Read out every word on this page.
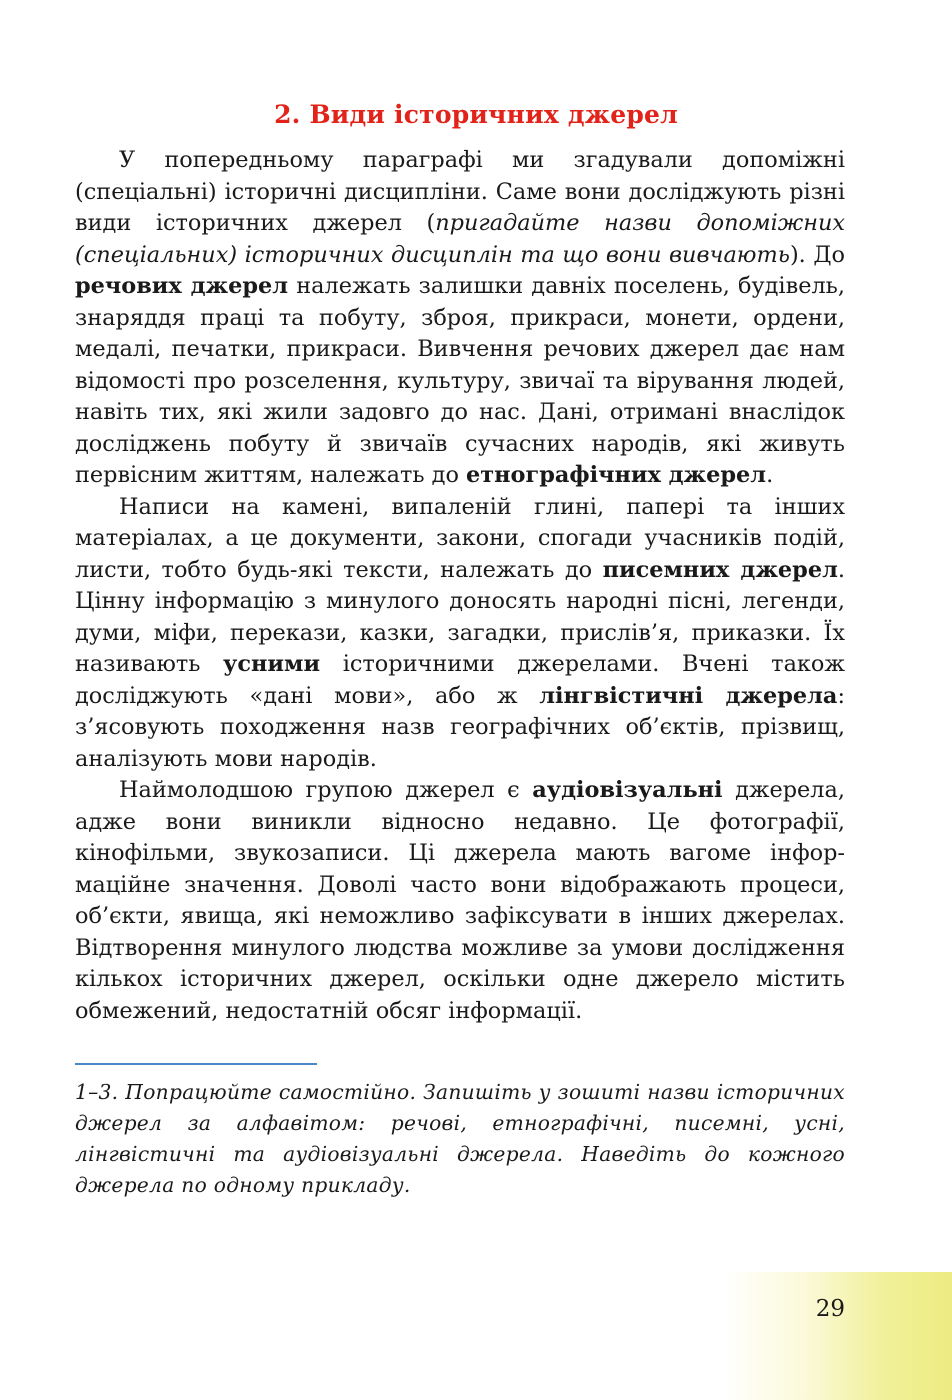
2. Види історичних джерел

У попередньому параграфі ми згадували допоміжні (спеціальні) історичні дисципліни. Саме вони досліджують різні види історичних джерел (пригадайте назви допоміжних (спеціальних) історичних дисциплін та що вони вивчають). До речових джерел належать залишки давніх поселень, будівель, знаряддя праці та побуту, зброя, прикраси, монети, ордени, медалі, печатки, прикраси. Вивчення речових джерел дає нам відомості про розселення, культуру, звичаї та вірування людей, навіть тих, які жили задовго до нас. Дані, отримані внаслідок досліджень побуту й звичаїв сучасних народів, які живуть первісним життям, належать до етнографічних джерел.

Написи на камені, випаленій глині, папері та інших матеріалах, а це документи, закони, спогади учасників подій, листи, тобто будь-які тексти, належать до писемних джерел. Цінну інформацію з минулого доносять народні пісні, легенди, думи, міфи, перекази, казки, загадки, прислів’я, приказки. Їх називають усними історичними джерелами. Вчені також досліджують «дані мови», або ж лінгвістичні джерела: з’ясовують походження назв географічних об’єктів, прізвищ, аналізують мови народів.

Наймолодшою групою джерел є аудіовізуальні джерела, адже вони виникли відносно недавно. Це фотографії, кінофільми, звукозаписи. Ці джерела мають вагоме інформаційне значення. Доволі часто вони відображають процеси, об’єкти, явища, які неможливо зафіксувати в інших джерелах. Відтворення минулого людства можливе за умови дослідження кількох історичних джерел, оскільки одне джерело містить обмежений, недостатній обсяг інформації.

1–3. Попрацюйте самостійно. Запишіть у зошиті назви історичних джерел за алфавітом: речові, етнографічні, писемні, усні, лінгвістичні та аудіовізуальні джерела. Наведіть до кожного джерела по одному прикладу.
29
